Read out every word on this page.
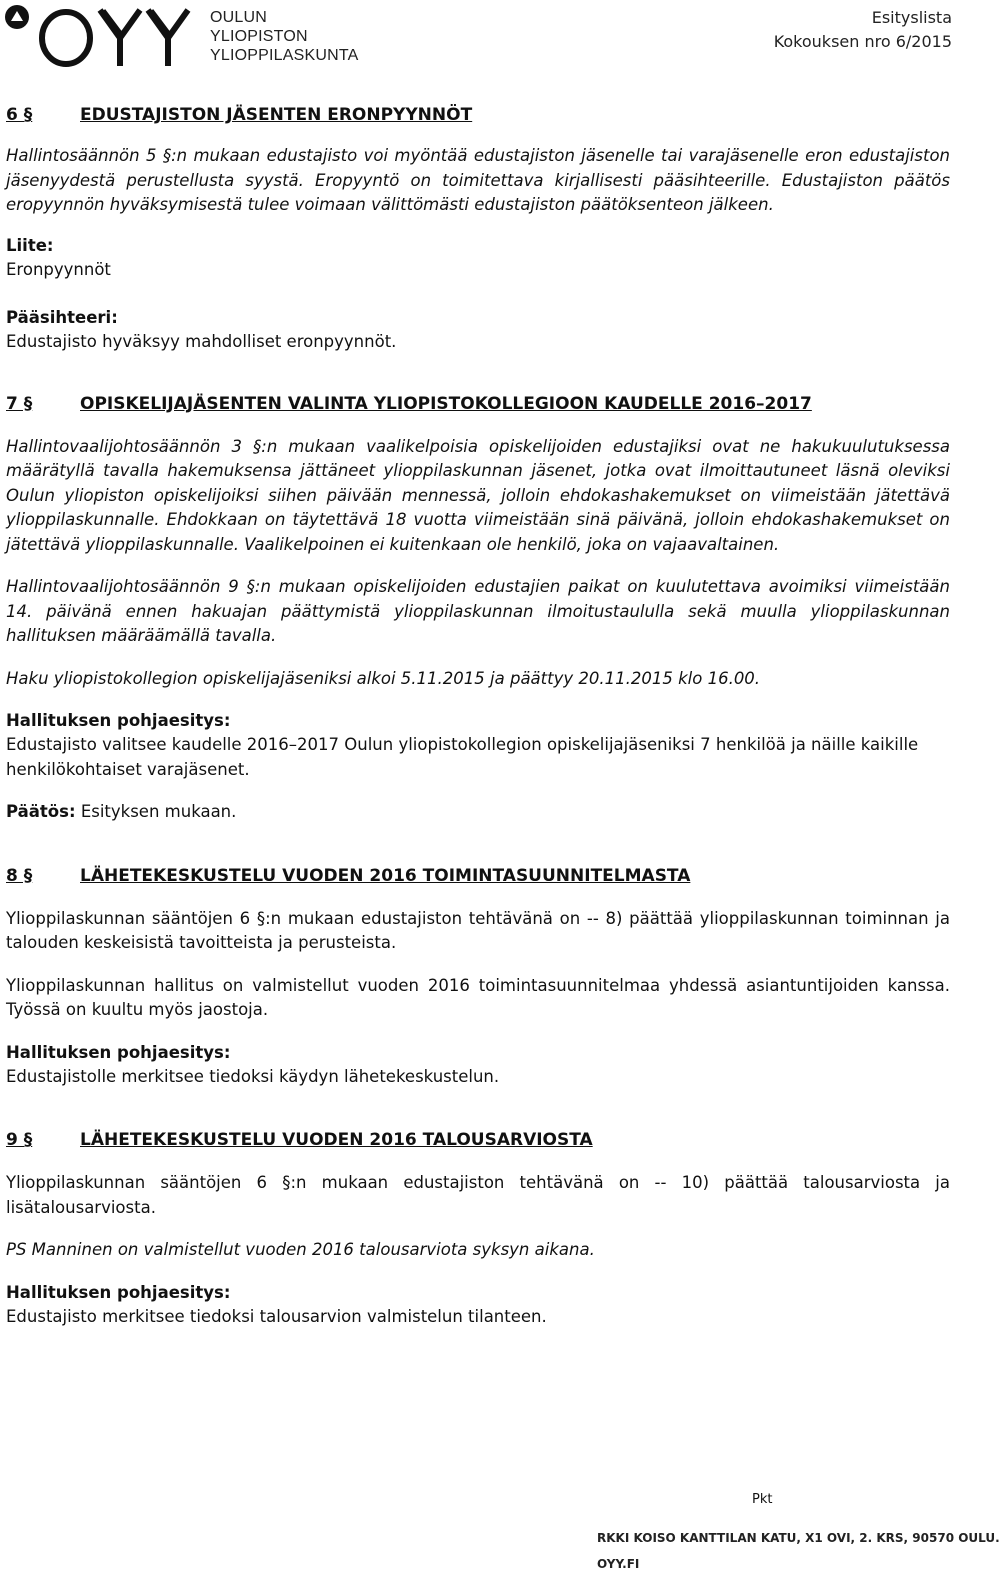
OULUN
YLIOPISTON
YLIOPPILASKUNTA
Esityslista
Kokouksen nro 6/2015
6 §	EDUSTAJISTON JÄSENTEN ERONPYYNNÖT

Hallintosäännön 5 §:n mukaan edustajisto voi myöntää edustajiston jäsenelle tai varajäsenelle eron edustajiston jäsenyydestä perustellusta syystä. Eropyyntö on toimitettava kirjallisesti pääsihteerille. Edustajiston päätös eropyynnön hyväksymisestä tulee voimaan välittömästi edustajiston päätöksenteon jälkeen.

Liite:
Eronpyynnöt
Pääsihteeri:
Edustajisto hyväksyy mahdolliset eronpyynnöt.
7 §	OPISKELIJAJÄSENTEN VALINTA YLIOPISTOKOLLEGIOON KAUDELLE 2016–2017

Hallintovaalijohtosäännön 3 §:n mukaan vaalikelpoisia opiskelijoiden edustajiksi ovat ne hakukuulutuksessa määrätyllä tavalla hakemuksensa jättäneet ylioppilaskunnan jäsenet, jotka ovat ilmoittautuneet läsnä oleviksi Oulun yliopiston opiskelijoiksi siihen päivään mennessä, jolloin ehdokashakemukset on viimeistään jätettävä ylioppilaskunnalle. Ehdokkaan on täytettävä 18 vuotta viimeistään sinä päivänä, jolloin ehdokashakemukset on jätettävä ylioppilaskunnalle. Vaalikelpoinen ei kuitenkaan ole henkilö, joka on vajaavaltainen.

Hallintovaalijohtosäännön 9 §:n mukaan opiskelijoiden edustajien paikat on kuulutettava avoimiksi viimeistään 14. päivänä ennen hakuajan päättymistä ylioppilaskunnan ilmoitustaululla sekä muulla ylioppilaskunnan hallituksen määräämällä tavalla.

Haku yliopistokollegion opiskelijajäseniksi alkoi 5.11.2015 ja päättyy 20.11.2015 klo 16.00.

Hallituksen pohjaesitys:
Edustajisto valitsee kaudelle 2016–2017 Oulun yliopistokollegion opiskelijajäseniksi 7 henkilöä ja näille kaikille henkilökohtaiset varajäsenet.
Päätös: Esityksen mukaan.
8 §	LÄHETEKESKUSTELU VUODEN 2016 TOIMINTASUUNNITELMASTA

Ylioppilaskunnan sääntöjen 6 §:n mukaan edustajiston tehtävänä on -- 8) päättää ylioppilaskunnan toiminnan ja talouden keskeisistä tavoitteista ja perusteista.

Ylioppilaskunnan hallitus on valmistellut vuoden 2016 toimintasuunnitelmaa yhdessä asiantuntijoiden kanssa. Työssä on kuultu myös jaostoja.

Hallituksen pohjaesitys:
Edustajistolle merkitsee tiedoksi käydyn lähetekeskustelun.
9 §	LÄHETEKESKUSTELU VUODEN 2016 TALOUSARVIOSTA

Ylioppilaskunnan sääntöjen 6 §:n mukaan edustajiston tehtävänä on -- 10) päättää talousarviosta ja lisätalousarviosta.

PS Manninen on valmistellut vuoden 2016 talousarviota syksyn aikana.

Hallituksen pohjaesitys:
Edustajisto merkitsee tiedoksi talousarvion valmistelun tilanteen.
Pkt
RKKI KOISO KANTTILAN KATU, X1 OVI, 2. KRS, 90570 OULU.
OYY.FI
